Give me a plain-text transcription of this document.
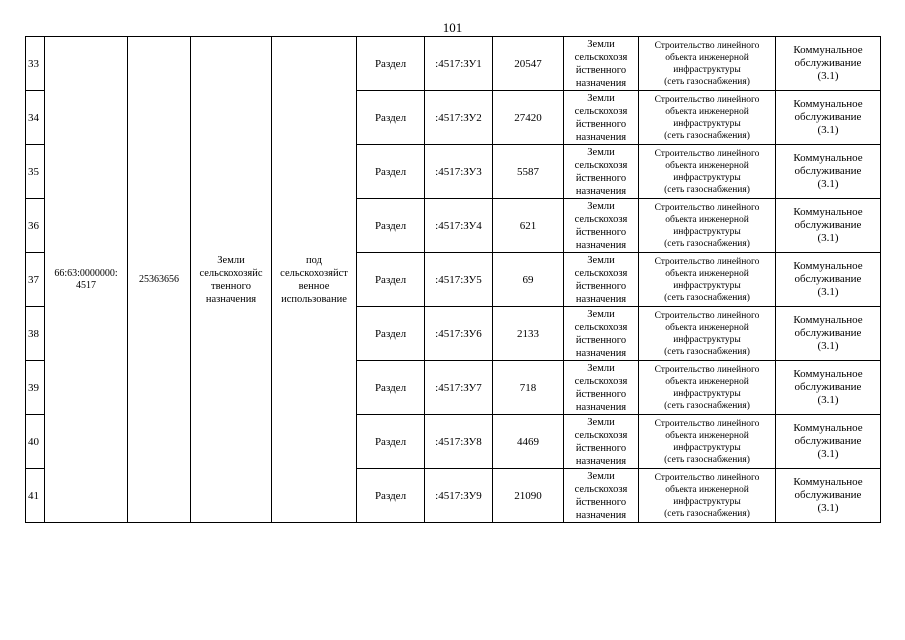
101
33	66:63:0000000:
4517	25363656	Земли
сельскохозяйс
твенного
назначения	под
сельскохозяйст
венное
использование	Раздел	:4517:ЗУ1	20547	Земли
сельскохозя
йственного
назначения	Строительство линейного
объекта инженерной
инфраструктуры
(сеть газоснабжения)	Коммунальное
обслуживание
(3.1)
34					Раздел	:4517:ЗУ2	27420	Земли
сельскохозя
йственного
назначения	Строительство линейного
объекта инженерной
инфраструктуры
(сеть газоснабжения)	Коммунальное
обслуживание
(3.1)
35					Раздел	:4517:ЗУ3	5587	Земли
сельскохозя
йственного
назначения	Строительство линейного
объекта инженерной
инфраструктуры
(сеть газоснабжения)	Коммунальное
обслуживание
(3.1)
36					Раздел	:4517:ЗУ4	621	Земли
сельскохозя
йственного
назначения	Строительство линейного
объекта инженерной
инфраструктуры
(сеть газоснабжения)	Коммунальное
обслуживание
(3.1)
37					Раздел	:4517:ЗУ5	69	Земли
сельскохозя
йственного
назначения	Строительство линейного
объекта инженерной
инфраструктуры
(сеть газоснабжения)	Коммунальное
обслуживание
(3.1)
38					Раздел	:4517:ЗУ6	2133	Земли
сельскохозя
йственного
назначения	Строительство линейного
объекта инженерной
инфраструктуры
(сеть газоснабжения)	Коммунальное
обслуживание
(3.1)
39					Раздел	:4517:ЗУ7	718	Земли
сельскохозя
йственного
назначения	Строительство линейного
объекта инженерной
инфраструктуры
(сеть газоснабжения)	Коммунальное
обслуживание
(3.1)
40					Раздел	:4517:ЗУ8	4469	Земли
сельскохозя
йственного
назначения	Строительство линейного
объекта инженерной
инфраструктуры
(сеть газоснабжения)	Коммунальное
обслуживание
(3.1)
41					Раздел	:4517:ЗУ9	21090	Земли
сельскохозя
йственного
назначения	Строительство линейного
объекта инженерной
инфраструктуры
(сеть газоснабжения)	Коммунальное
обслуживание
(3.1)
